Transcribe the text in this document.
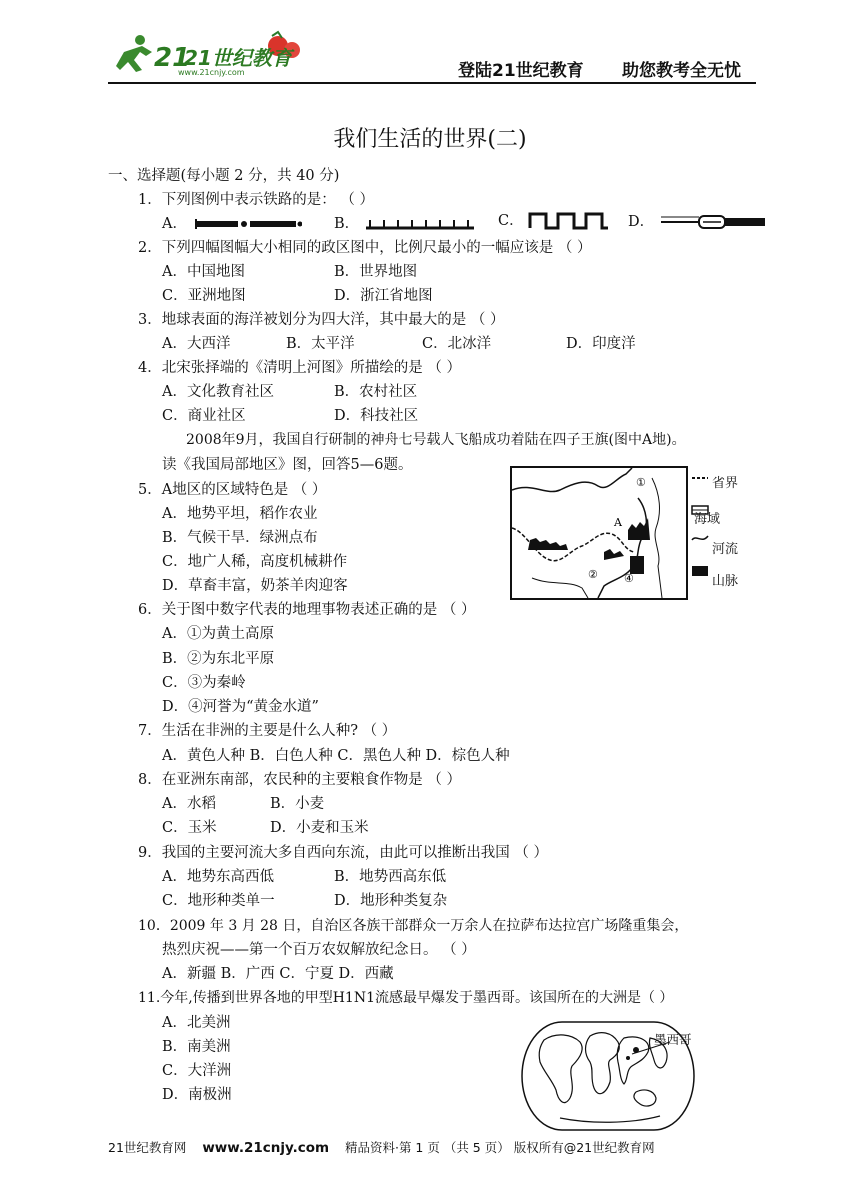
21
21世纪教育
www.21cnjy.com	登陆21世纪教育 助您教考全无忧
我们生活的世界(二)
一、选择题(每小题 2 分，共 40 分)
1．下列图例中表示铁路的是： （ ）
A．	B．	C．	D．
2．下列四幅图幅大小相同的政区图中，比例尺最小的一幅应该是 （ ）
A．中国地图	B．世界地图
C．亚洲地图	D．浙江省地图
3．地球表面的海洋被划分为四大洋，其中最大的是 （ ）
A．大西洋	B．太平洋	C．北冰洋	D．印度洋
4．北宋张择端的《清明上河图》所描绘的是 （ ）
A．文化教育社区	B．农村社区
C．商业社区	D．科技社区
2008年9月，我国自行研制的神舟七号载人飞船成功着陆在四子王旗(图中A地)。
读《我国局部地区》图，回答5—6题。
5．A地区的区域特色是 （ ）
A．地势平坦，稻作农业
B．气候干旱．绿洲点布
C．地广人稀，高度机械耕作
D．草畜丰富，奶茶羊肉迎客
A
①
② ④
省界
海域
河流
山脉
6．关于图中数字代表的地理事物表述正确的是 （ ）
A．①为黄土高原
B．②为东北平原
C．③为秦岭
D．④河誉为“黄金水道”
7．生活在非洲的主要是什么人种? （ ）
A．黄色人种 B．白色人种 C．黑色人种 D．棕色人种
8．在亚洲东南部，农民种的主要粮食作物是 （ ）
A．水稻	B．小麦
C．玉米	D．小麦和玉米
9．我国的主要河流大多自西向东流，由此可以推断出我国 （ ）
A．地势东高西低	B．地势西高东低
C．地形种类单一	D．地形种类复杂
10．2009 年 3 月 28 日，自治区各族干部群众一万余人在拉萨布达拉宫广场隆重集会，
热烈庆祝——第一个百万农奴解放纪念日。 （ ）
A．新疆 B．广西 C．宁夏 D．西藏
11.今年,传播到世界各地的甲型H1N1流感最早爆发于墨西哥。该国所在的大洲是（ ）
A．北美洲
B．南美洲
C．大洋洲
D．南极洲
墨西哥
21世纪教育网 www.21cnjy.com 精品资料·第 1 页 （共 5 页） 版权所有@21世纪教育网
